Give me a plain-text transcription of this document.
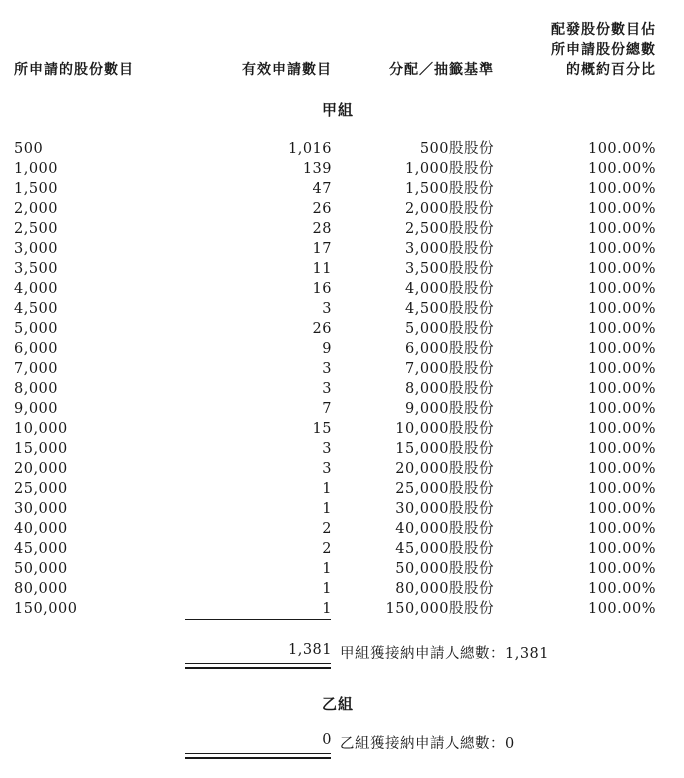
所申請的股份數目	有效申請數目	分配／抽籤基準
配發股份數目佔
所申請股份總數
的概約百分比
甲組
500	1,016	500股股份	100.00%
1,000	139	1,000股股份	100.00%
1,500	47	1,500股股份	100.00%
2,000	26	2,000股股份	100.00%
2,500	28	2,500股股份	100.00%
3,000	17	3,000股股份	100.00%
3,500	11	3,500股股份	100.00%
4,000	16	4,000股股份	100.00%
4,500	3	4,500股股份	100.00%
5,000	26	5,000股股份	100.00%
6,000	9	6,000股股份	100.00%
7,000	3	7,000股股份	100.00%
8,000	3	8,000股股份	100.00%
9,000	7	9,000股股份	100.00%
10,000	15	10,000股股份	100.00%
15,000	3	15,000股股份	100.00%
20,000	3	20,000股股份	100.00%
25,000	1	25,000股股份	100.00%
30,000	1	30,000股股份	100.00%
40,000	2	40,000股股份	100.00%
45,000	2	45,000股股份	100.00%
50,000	1	50,000股股份	100.00%
80,000	1	80,000股股份	100.00%
150,000	1	150,000股股份	100.00%
1,381 甲組獲接納申請人總數：1,381
乙組
0 乙組獲接納申請人總數：0
